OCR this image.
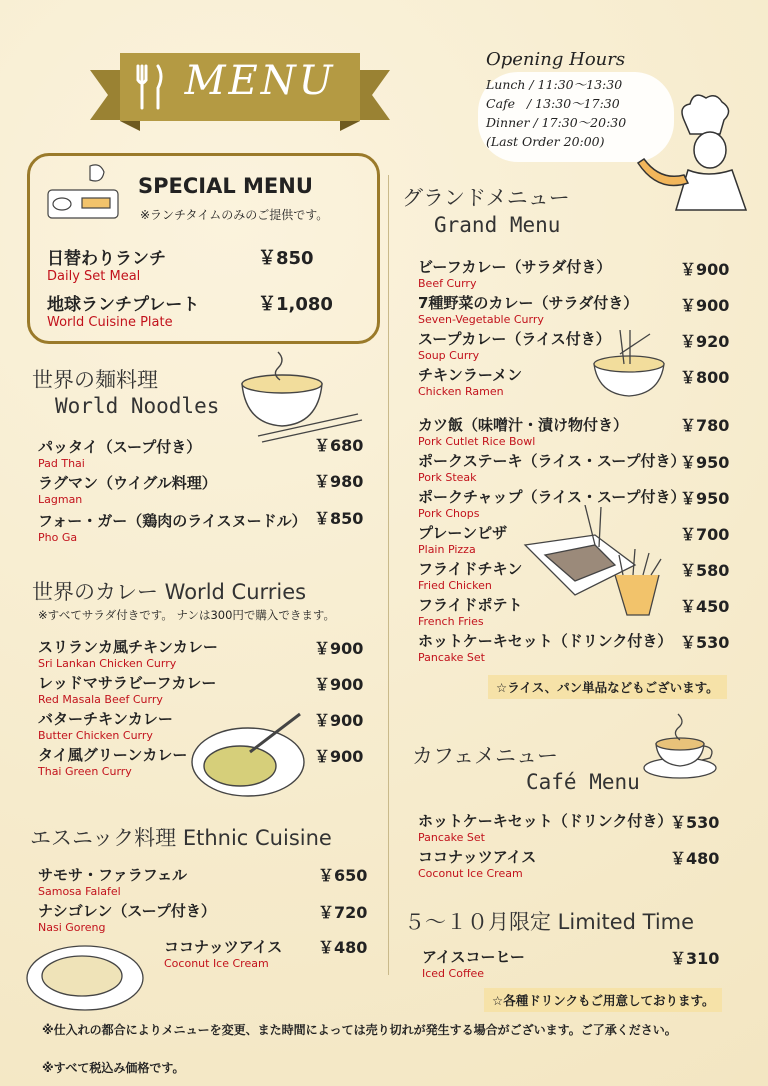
MENU	Opening Hours
Lunch / 11:30〜13:30
Cafe   / 13:30〜17:30
Dinner / 17:30〜20:30
(Last Order 20:00)
SPECIAL MENU
※ランチタイムのみのご提供です。
日替わりランチ
Daily Set Meal
￥850
地球ランチプレート
World Cuisine Plate
￥1,080
世界の麺料理
World Noodles
パッタイ（スープ付き）
Pad Thai
￥680
ラグマン（ウイグル料理）
Lagman
￥980
フォー・ガー（鶏肉のライスヌードル）
Pho Ga
￥850
世界のカレー World Curries
※すべてサラダ付きです。 ナンは300円で購入できます。
スリランカ風チキンカレー
Sri Lankan Chicken Curry
￥900
レッドマサラビーフカレー
Red Masala Beef Curry
￥900
バターチキンカレー
Butter Chicken Curry
￥900
タイ風グリーンカレー
Thai Green Curry
￥900
エスニック料理 Ethnic Cuisine
サモサ・ファラフェル
Samosa Falafel
￥650
ナシゴレン（スープ付き）
Nasi Goreng
￥720
ココナッツアイス
Coconut Ice Cream
￥480
グランドメニュー
Grand Menu
ビーフカレー（サラダ付き）
Beef Curry
￥900
7種野菜のカレー（サラダ付き）
Seven-Vegetable Curry
￥900
スープカレー（ライス付き）
Soup Curry
￥920
チキンラーメン
Chicken Ramen
￥800
カツ飯（味噌汁・漬け物付き）
Pork Cutlet Rice Bowl
￥780
ポークステーキ（ライス・スープ付き）
Pork Steak
￥950
ポークチャップ（ライス・スープ付き）
Pork Chops
￥950
プレーンピザ
Plain Pizza
￥700
フライドチキン
Fried Chicken
￥580
フライドポテト
French Fries
￥450
ホットケーキセット（ドリンク付き）
Pancake Set
￥530
☆ライス、パン単品などもございます。
カフェメニュー
Café Menu
ホットケーキセット（ドリンク付き）
Pancake Set
￥530
ココナッツアイス
Coconut Ice Cream
￥480
５〜１０月限定 Limited Time
アイスコーヒー
Iced Coffee
￥310
☆各種ドリンクもご用意しております。
※仕入れの都合によりメニューを変更、また時間によっては売り切れが発生する場合がございます。ご了承ください。
※すべて税込み価格です。
